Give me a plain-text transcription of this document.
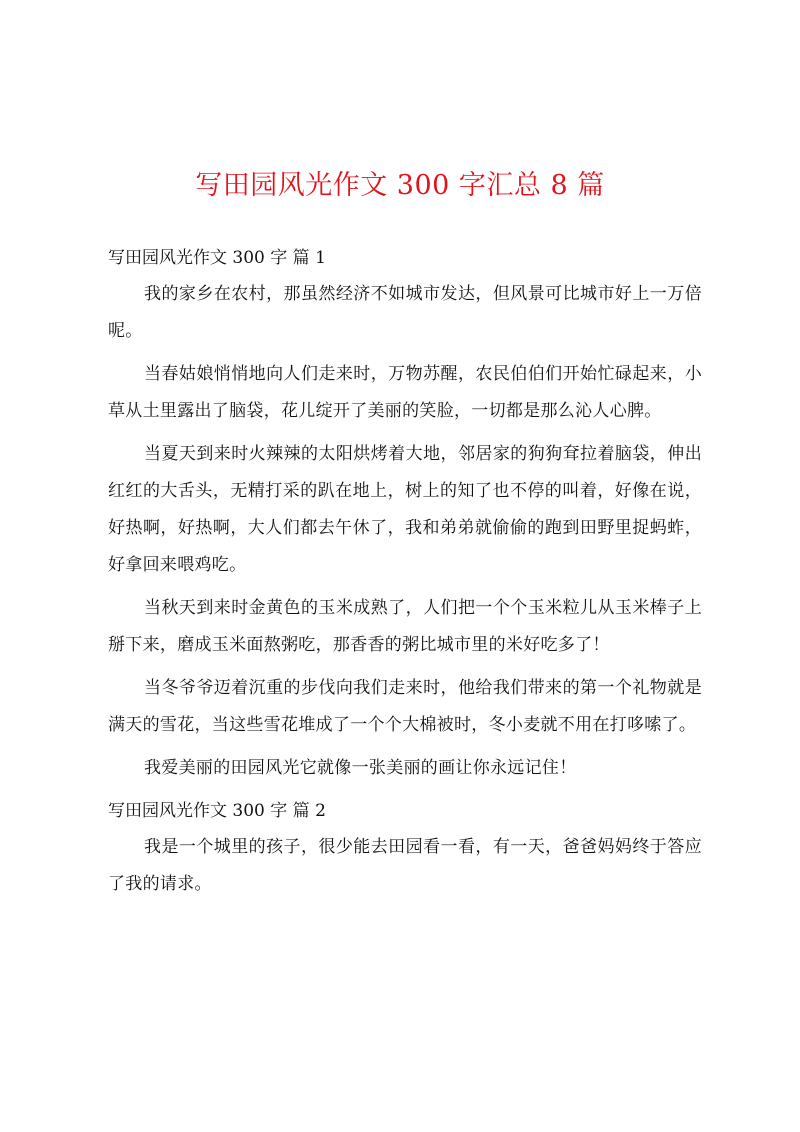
写田园风光作文 300 字汇总 8 篇
写田园风光作文 300 字 篇 1

我的家乡在农村，那虽然经济不如城市发达，但风景可比城市好上一万倍呢。

当春姑娘悄悄地向人们走来时，万物苏醒，农民伯伯们开始忙碌起来，小草从土里露出了脑袋，花儿绽开了美丽的笑脸，一切都是那么沁人心脾。

当夏天到来时火辣辣的太阳烘烤着大地，邻居家的狗狗耷拉着脑袋，伸出红红的大舌头，无精打采的趴在地上，树上的知了也不停的叫着，好像在说，好热啊，好热啊，大人们都去午休了，我和弟弟就偷偷的跑到田野里捉蚂蚱，好拿回来喂鸡吃。

当秋天到来时金黄色的玉米成熟了，人们把一个个玉米粒儿从玉米棒子上掰下来，磨成玉米面熬粥吃，那香香的粥比城市里的米好吃多了！

当冬爷爷迈着沉重的步伐向我们走来时，他给我们带来的第一个礼物就是满天的雪花，当这些雪花堆成了一个个大棉被时，冬小麦就不用在打哆嗦了。

我爱美丽的田园风光它就像一张美丽的画让你永远记住！

写田园风光作文 300 字 篇 2

我是一个城里的孩子，很少能去田园看一看，有一天，爸爸妈妈终于答应了我的请求。
